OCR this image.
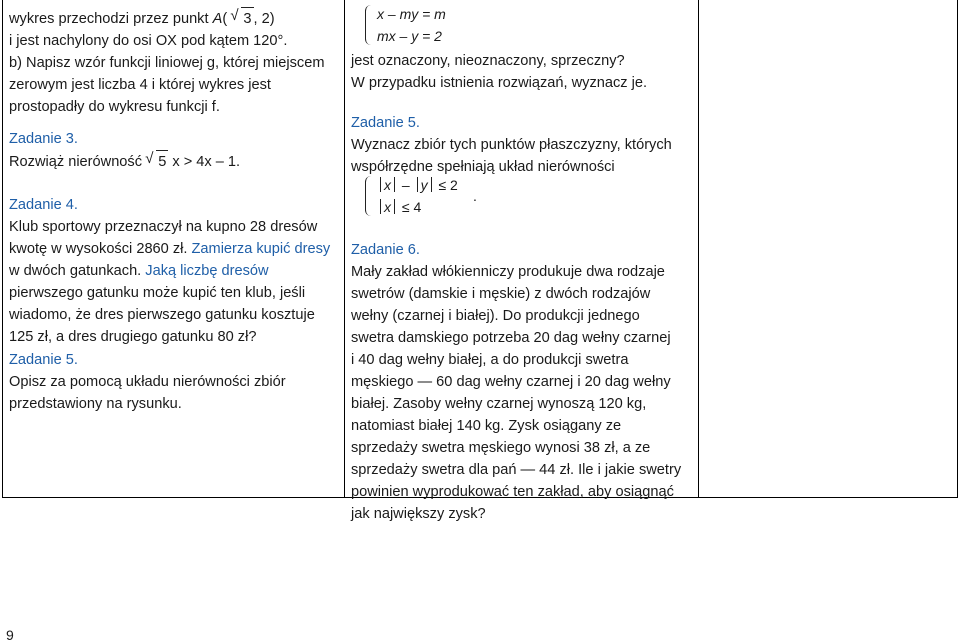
wykres przechodzi przez punkt A(   √ 3 , 2)
i jest nachylony do osi OX pod kątem 120°.
b) Napisz wzór funkcji liniowej g, której miejscem
zerowym jest liczba 4 i której wykres jest
prostopadły do wykresu funkcji f.
Zadanie 3.
Rozwiąż nierówność   √ 5 x > 4x – 1.
Zadanie 4.
Klub sportowy przeznaczył na kupno 28 dresów
kwotę w wysokości 2860 zł. Zamierza kupić dresy
w dwóch gatunkach. Jaką liczbę dresów
pierwszego gatunku może kupić ten klub, jeśli
wiadomo, że dres pierwszego gatunku kosztuje
125 zł, a dres drugiego gatunku 80 zł?
Zadanie 5.
Opisz za pomocą układu nierówności zbiór
przedstawiony na rysunku.
x – my = m
mx – y = 2
jest oznaczony, nieoznaczony, sprzeczny?
W przypadku istnienia rozwiązań, wyznacz je.
Zadanie 5.
Wyznacz zbiór tych punktów płaszczyzny, których
współrzędne spełniają układ nierówności
x – y ≤ 2
x ≤ 4
.
Zadanie 6.
Mały zakład włókienniczy produkuje dwa rodzaje
swetrów (damskie i męskie) z dwóch rodzajów
wełny (czarnej i białej). Do produkcji jednego
swetra damskiego potrzeba 20 dag wełny czarnej
i 40 dag wełny białej, a do produkcji swetra
męskiego — 60 dag wełny czarnej i 20 dag wełny
białej. Zasoby wełny czarnej wynoszą 120 kg,
natomiast białej 140 kg. Zysk osiągany ze
sprzedaży swetra męskiego wynosi 38 zł, a ze
sprzedaży swetra dla pań — 44 zł. Ile i jakie swetry
powinien wyprodukować ten zakład, aby osiągnąć
jak największy zysk?
9
